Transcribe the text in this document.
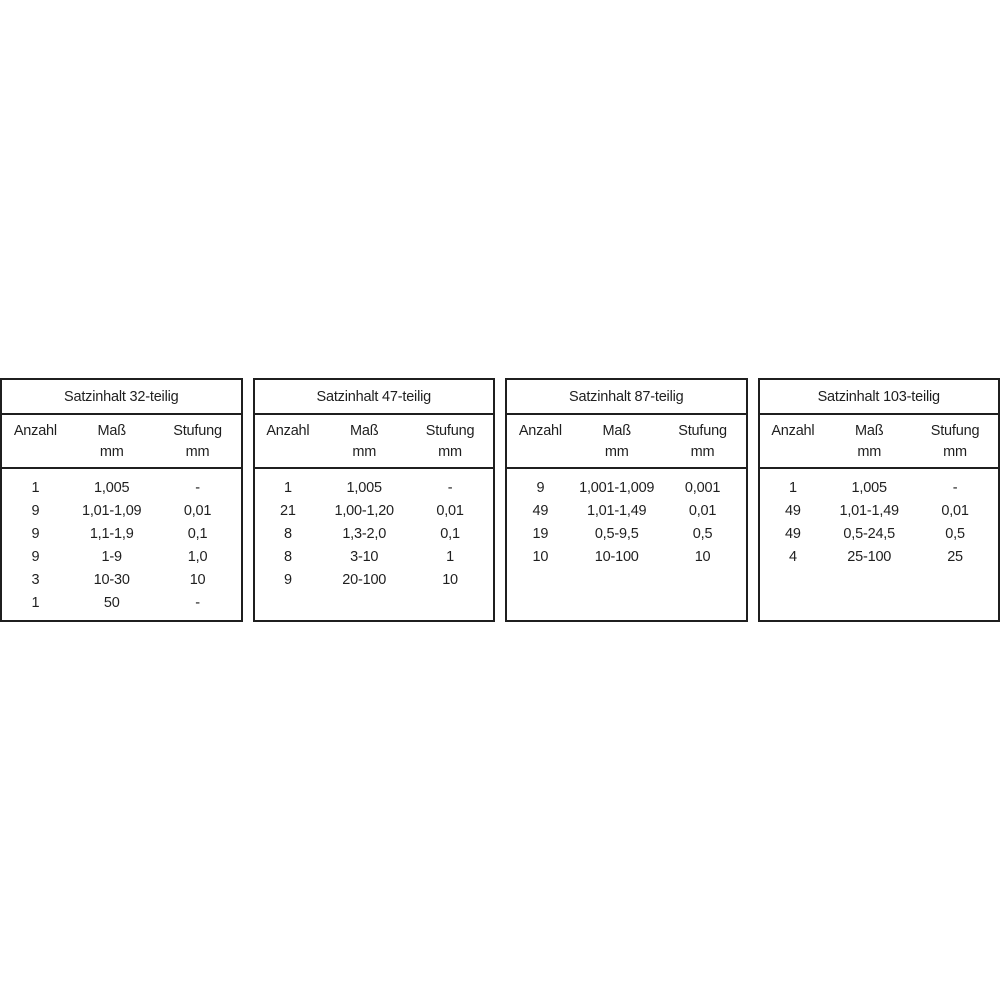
Satzinhalt 32-teilig
Anzahl	Maß	Stufung
mm	mm
1	1,005	-
9	1,01-1,09	0,01
9	1,1-1,9	0,1
9	1-9	1,0
3	10-30	10
1	50	-
Satzinhalt 47-teilig
Anzahl	Maß	Stufung
mm	mm
1	1,005	-
21	1,00-1,20	0,01
8	1,3-2,0	0,1
8	3-10	1
9	20-100	10
Satzinhalt 87-teilig
Anzahl	Maß	Stufung
mm	mm
9	1,001-1,009	0,001
49	1,01-1,49	0,01
19	0,5-9,5	0,5
10	10-100	10
Satzinhalt 103-teilig
Anzahl	Maß	Stufung
mm	mm
1	1,005	-
49	1,01-1,49	0,01
49	0,5-24,5	0,5
4	25-100	25
